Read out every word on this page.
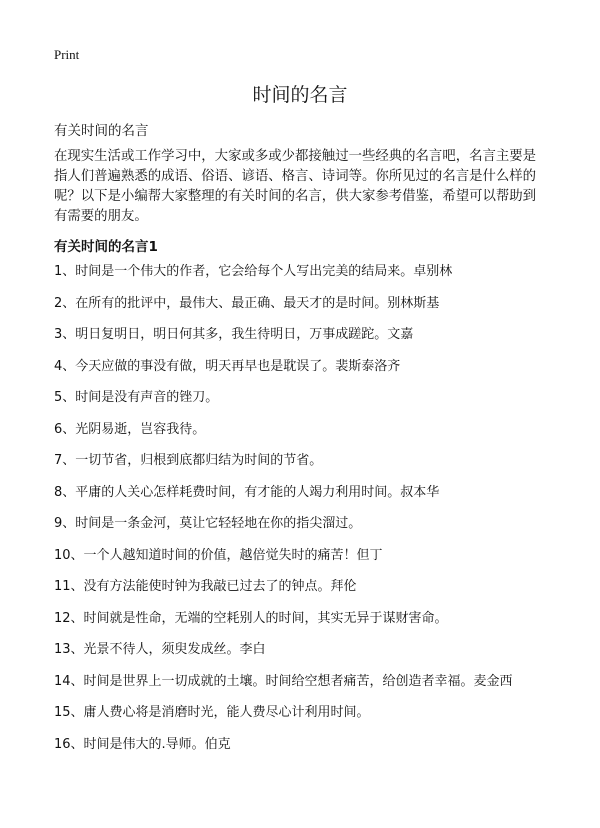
Print
时间的名言
有关时间的名言

在现实生活或工作学习中，大家或多或少都接触过一些经典的名言吧，名言主要是指人们普遍熟悉的成语、俗语、谚语、格言、诗词等。你所见过的名言是什么样的呢？以下是小编帮大家整理的有关时间的名言，供大家参考借鉴，希望可以帮助到有需要的朋友。

有关时间的名言1
1、时间是一个伟大的作者，它会给每个人写出完美的结局来。卓别林
2、在所有的批评中，最伟大、最正确、最天才的是时间。别林斯基
3、明日复明日，明日何其多，我生待明日，万事成蹉跎。文嘉
4、今天应做的事没有做，明天再早也是耽误了。裴斯泰洛齐
5、时间是没有声音的锉刀。
6、光阴易逝，岂容我待。
7、一切节省，归根到底都归结为时间的节省。
8、平庸的人关心怎样耗费时间，有才能的人竭力利用时间。叔本华
9、时间是一条金河，莫让它轻轻地在你的指尖溜过。
10、一个人越知道时间的价值，越倍觉失时的痛苦！但丁
11、没有方法能使时钟为我敲已过去了的钟点。拜伦
12、时间就是性命，无端的空耗别人的时间，其实无异于谋财害命。
13、光景不待人，须臾发成丝。李白
14、时间是世界上一切成就的土壤。时间给空想者痛苦，给创造者幸福。麦金西
15、庸人费心将是消磨时光，能人费尽心计利用时间。
16、时间是伟大的.导师。伯克
